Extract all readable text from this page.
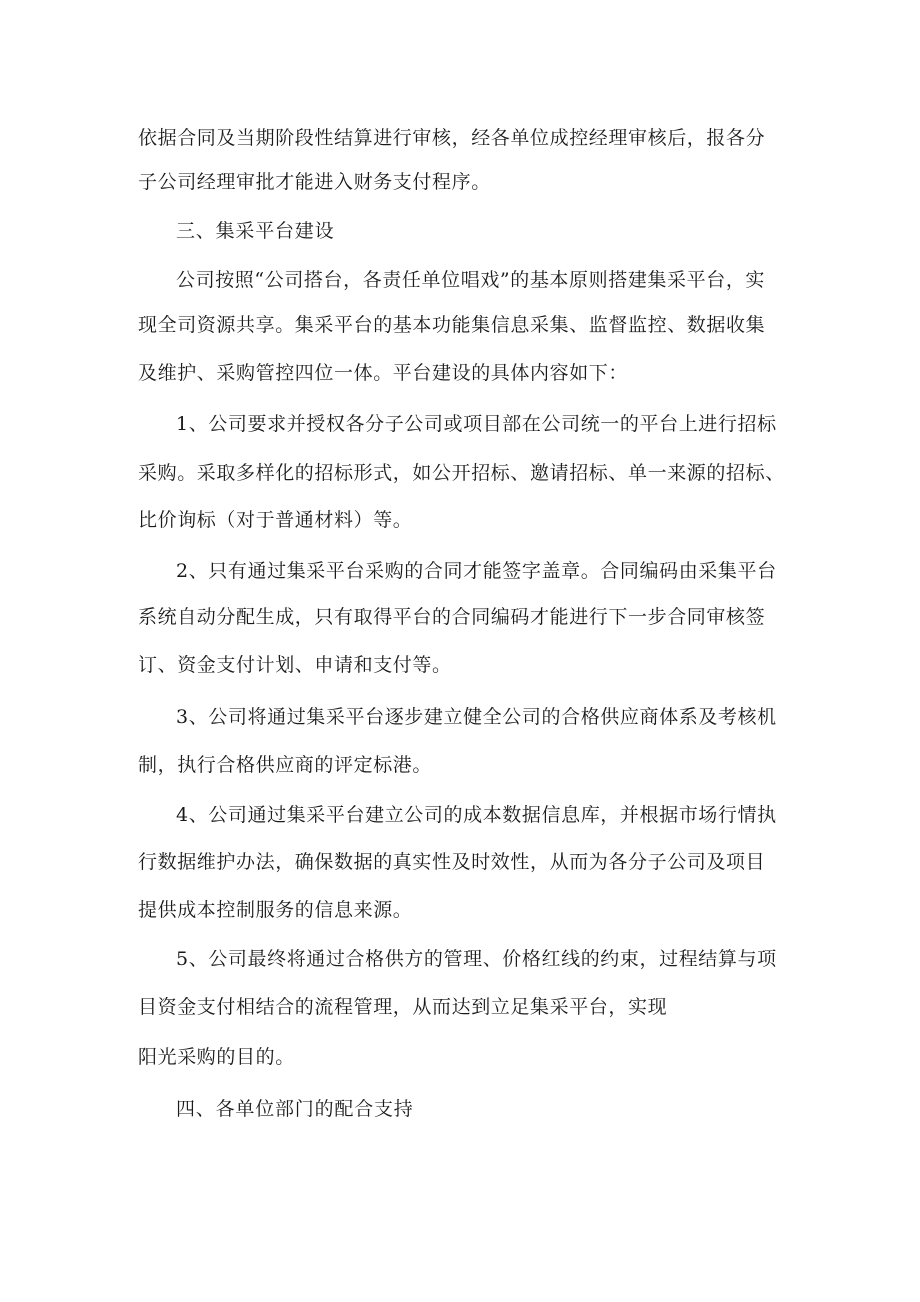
依据合同及当期阶段性结算进行审核，经各单位成控经理审核后，报各分
子公司经理审批才能进入财务支付程序。
三、集采平台建设
公司按照“公司搭台，各责任单位唱戏”的基本原则搭建集采平台，实
现全司资源共享。集采平台的基本功能集信息采集、监督监控、数据收集
及维护、采购管控四位一体。平台建设的具体内容如下：
1、公司要求并授权各分子公司或项目部在公司统一的平台上进行招标
采购。采取多样化的招标形式，如公开招标、邀请招标、单一来源的招标、
比价询标（对于普通材料）等。
2、只有通过集采平台采购的合同才能签字盖章。合同编码由采集平台
系统自动分配生成，只有取得平台的合同编码才能进行下一步合同审核签
订、资金支付计划、申请和支付等。
3、公司将通过集采平台逐步建立健全公司的合格供应商体系及考核机
制，执行合格供应商的评定标港。
4、公司通过集采平台建立公司的成本数据信息库，并根据市场行情执
行数据维护办法，确保数据的真实性及时效性，从而为各分子公司及项目
提供成本控制服务的信息来源。
5、公司最终将通过合格供方的管理、价格红线的约束，过程结算与项
目资金支付相结合的流程管理，从而达到立足集采平台，实现
阳光采购的目的。
四、各单位部门的配合支持
